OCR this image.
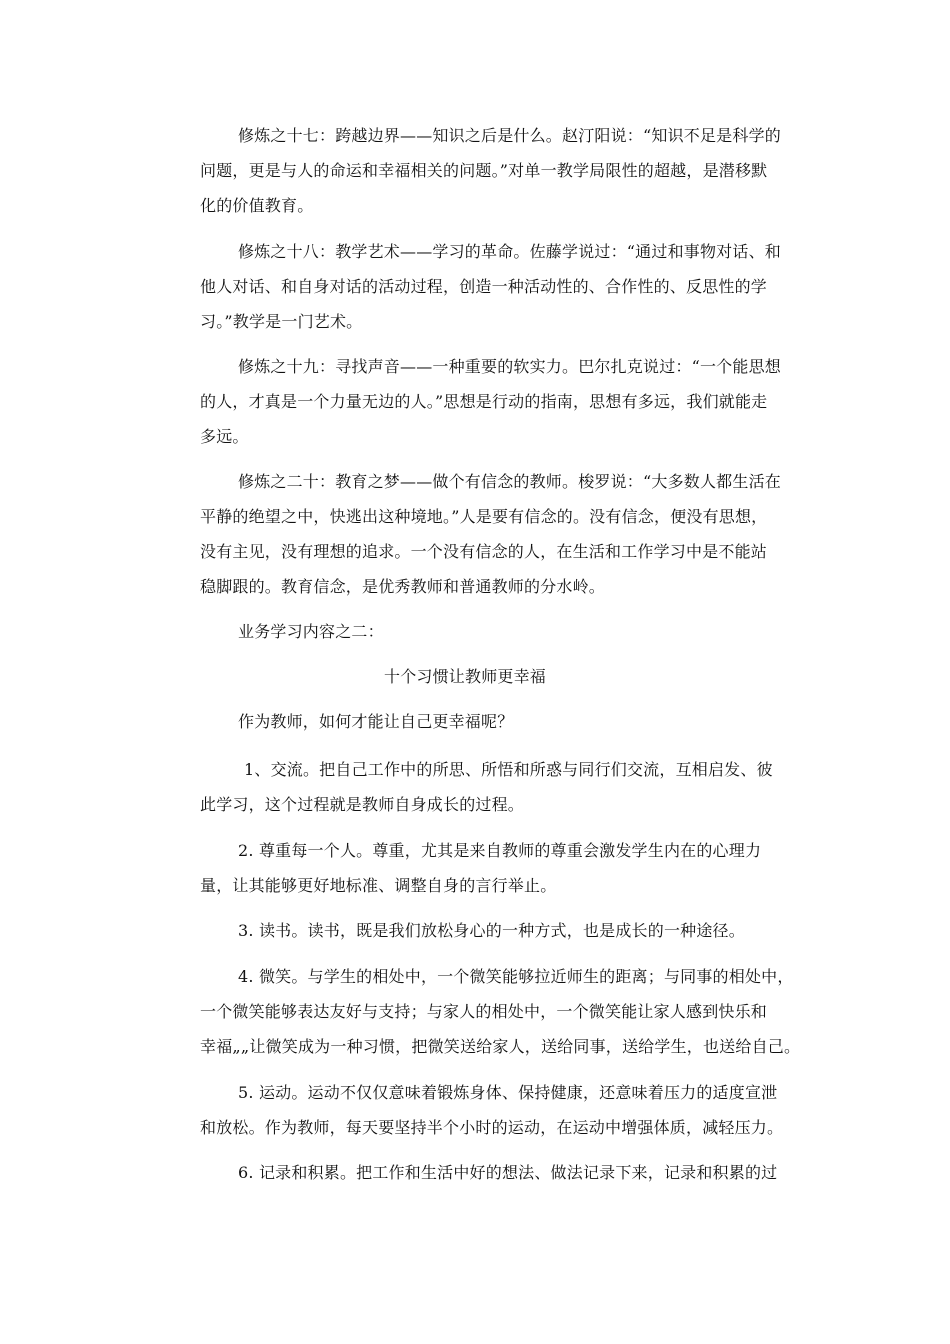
修炼之十七：跨越边界——知识之后是什么。赵汀阳说：“知识不足是科学的
问题，更是与人的命运和幸福相关的问题。”对单一教学局限性的超越，是潜移默
化的价值教育。
修炼之十八：教学艺术——学习的革命。佐藤学说过：“通过和事物对话、和
他人对话、和自身对话的活动过程，创造一种活动性的、合作性的、反思性的学
习。”教学是一门艺术。
修炼之十九：寻找声音——一种重要的软实力。巴尔扎克说过：“一个能思想
的人，才真是一个力量无边的人。”思想是行动的指南，思想有多远，我们就能走
多远。
修炼之二十：教育之梦——做个有信念的教师。梭罗说：“大多数人都生活在
平静的绝望之中，快逃出这种境地。”人是要有信念的。没有信念，便没有思想，
没有主见，没有理想的追求。一个没有信念的人，在生活和工作学习中是不能站
稳脚跟的。教育信念，是优秀教师和普通教师的分水岭。
业务学习内容之二：
十个习惯让教师更幸福
作为教师，如何才能让自己更幸福呢？
1、交流。把自己工作中的所思、所悟和所惑与同行们交流，互相启发、彼
此学习，这个过程就是教师自身成长的过程。
2. 尊重每一个人。尊重，尤其是来自教师的尊重会激发学生内在的心理力
量，让其能够更好地标准、调整自身的言行举止。
3. 读书。读书，既是我们放松身心的一种方式，也是成长的一种途径。
4. 微笑。与学生的相处中，一个微笑能够拉近师生的距离；与同事的相处中，
一个微笑能够表达友好与支持；与家人的相处中，一个微笑能让家人感到快乐和
幸福„„让微笑成为一种习惯，把微笑送给家人，送给同事，送给学生，也送给自己。
5. 运动。运动不仅仅意味着锻炼身体、保持健康，还意味着压力的适度宣泄
和放松。作为教师，每天要坚持半个小时的运动，在运动中增强体质，减轻压力。
6. 记录和积累。把工作和生活中好的想法、做法记录下来，记录和积累的过
